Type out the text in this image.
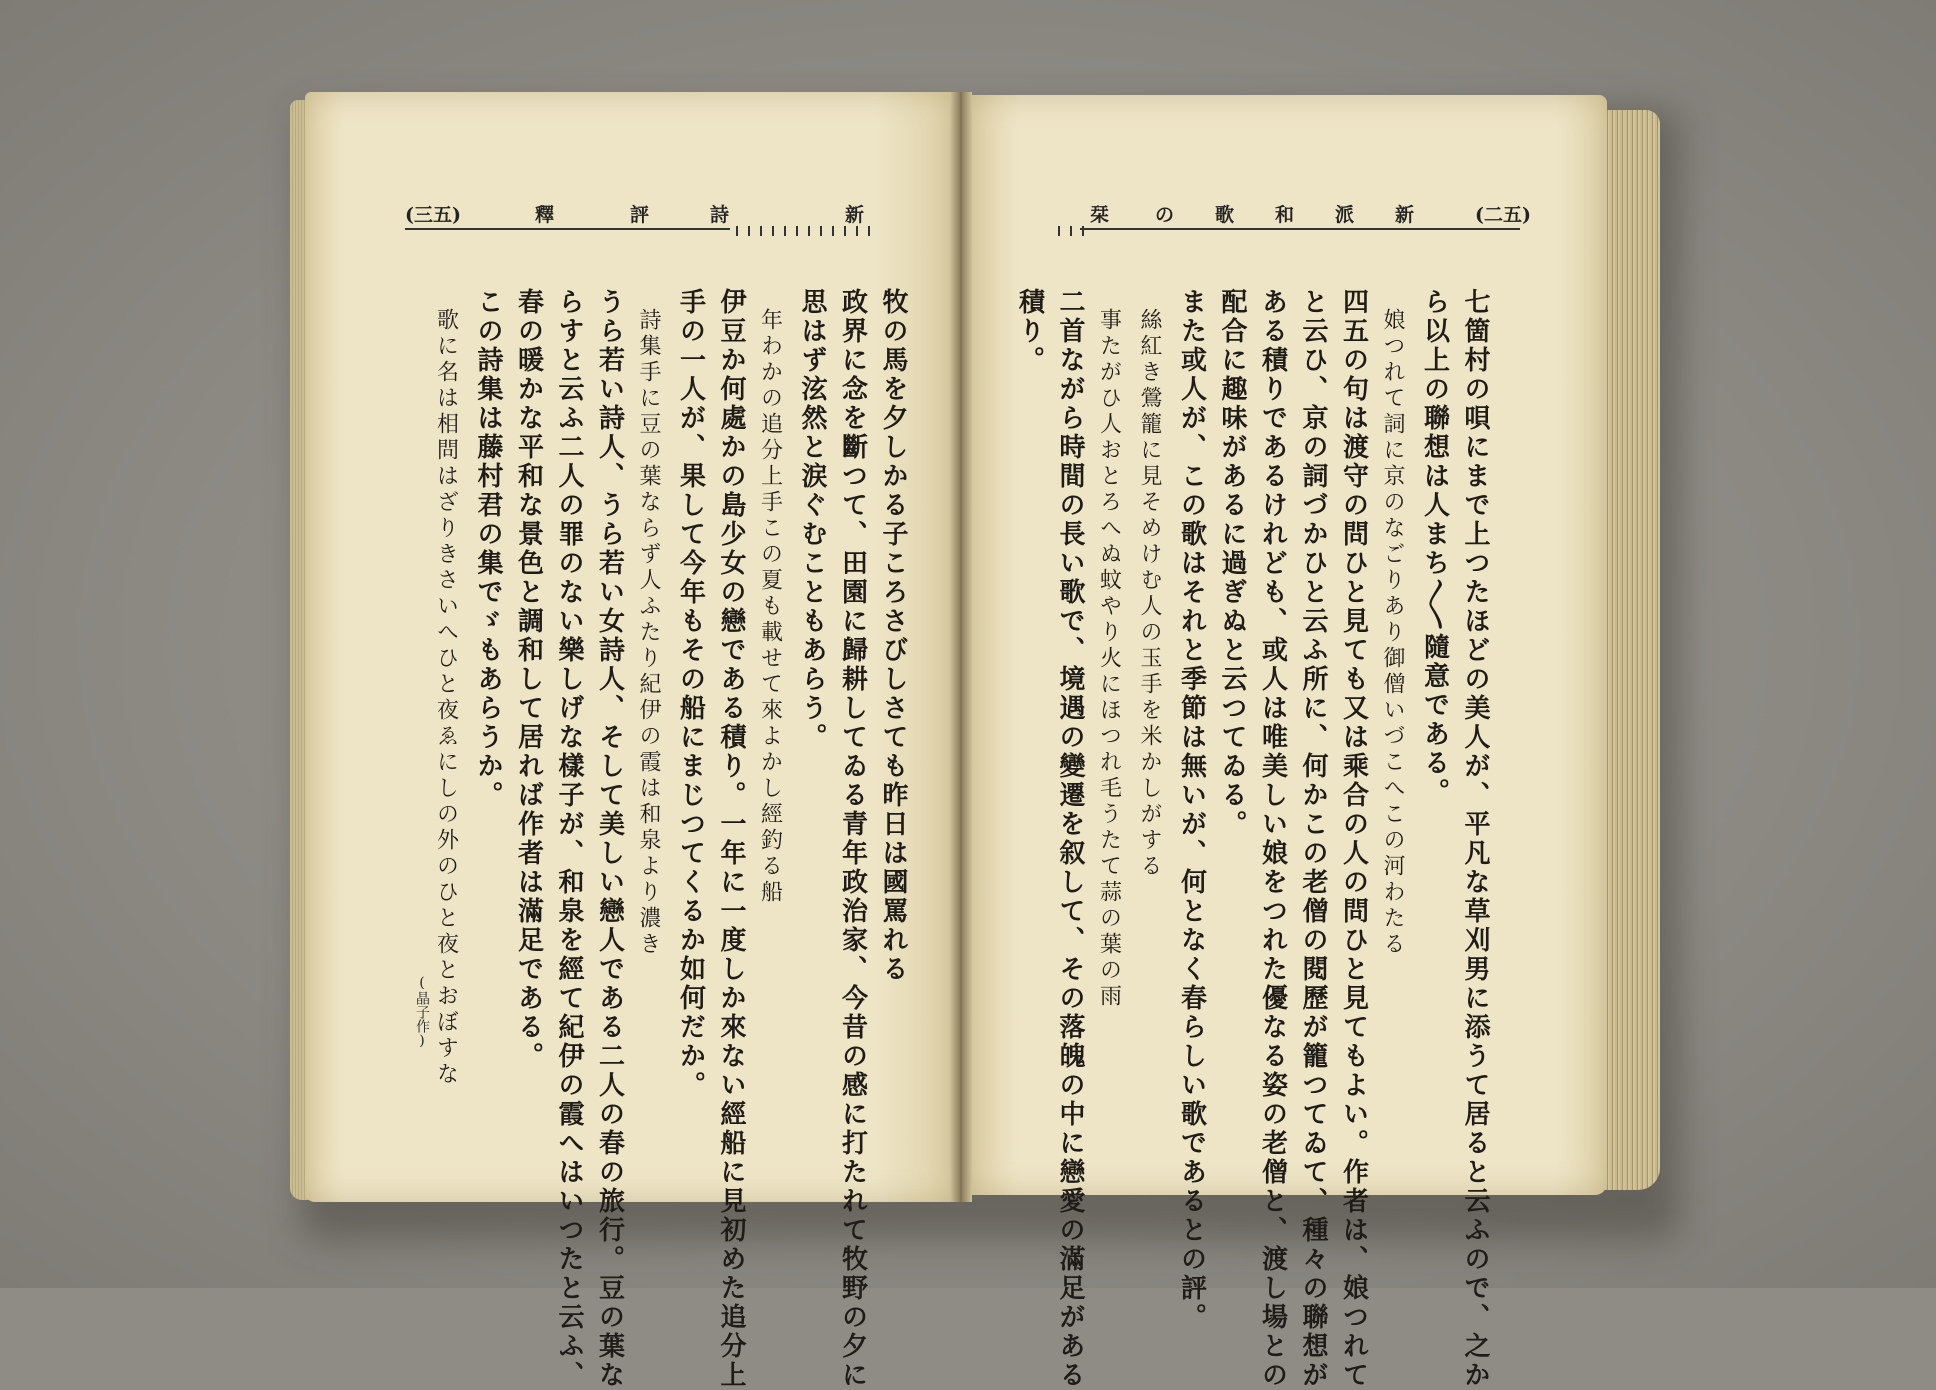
(三五)	新
詩
評
釋	(二五)
新
派
和
歌
の
栞
牧の馬を夕しかる子ころさびしさても昨日は國罵れる
政界に念を斷つて、田園に歸耕してゐる青年政治家、今昔の感に打たれて牧野の夕に
思はず泫然と涙ぐむこともあらう。
年わかの追分上手この夏も載せて來よかし經釣る船
伊豆か何處かの島少女の戀である積り。一年に一度しか來ない經船に見初めた追分上
手の一人が、果して今年もその船にまじつてくるか如何だか。
詩集手に豆の葉ならず人ふたり紀伊の霞は和泉より濃き
うら若い詩人、うら若い女詩人、そして美しい戀人である二人の春の旅行。豆の葉な
らすと云ふ二人の罪のない樂しげな樣子が、和泉を經て紀伊の霞へはいつたと云ふ、
春の暖かな平和な景色と調和して居れば作者は滿足である。
この詩集は藤村君の集でゞもあらうか。
歌に名は相問はざりきさいへひと夜ゑにしの外のひと夜とおぼすな
(晶子作)	七箇村の唄にまで上つたほどの美人が、平凡な草刈男に添うて居ると云ふので、之か
ら以上の聯想は人まち〳〵隨意である。
娘つれて詞に京のなごりあり御僧いづこへこの河わたる
四五の句は渡守の問ひと見ても又は乘合の人の問ひと見てもよい。作者は、娘つれて
と云ひ、京の詞づかひと云ふ所に、何かこの老僧の閱歷が籠つてゐて、種々の聯想が
ある積りであるけれども、或人は唯美しい娘をつれた優なる姿の老僧と、渡し場との
配合に趣味があるに過ぎぬと云つてゐる。
また或人が、この歌はそれと季節は無いが、何となく春らしい歌であるとの評。
絲紅き鶯籠に見そめけむ人の玉手を米かしがする
事たがひ人おとろへぬ蚊やり火にほつれ毛うたて蒜の葉の雨
二首ながら時間の長い歌で、境遇の變遷を叙して、その落魄の中に戀愛の滿足がある
積り。
